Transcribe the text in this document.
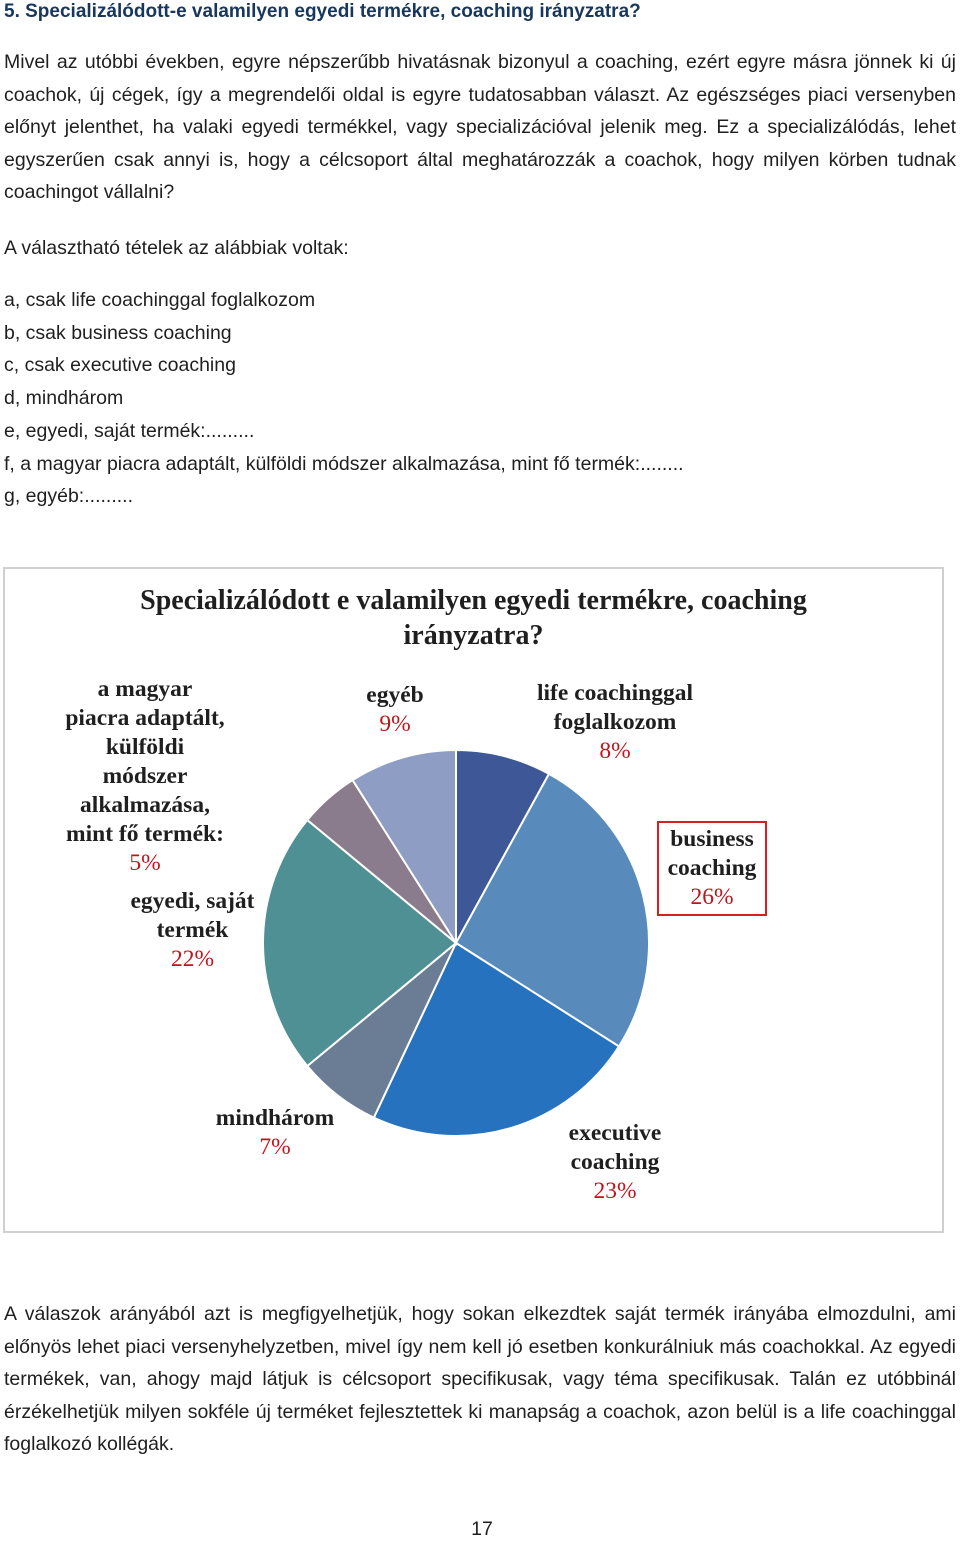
5. Specializálódott-e valamilyen egyedi termékre, coaching irányzatra?

Mivel az utóbbi években, egyre népszerűbb hivatásnak bizonyul a coaching, ezért egyre másra jönnek ki új coachok, új cégek, így a megrendelői oldal is egyre tudatosabban választ. Az egészséges piaci versenyben előnyt jelenthet, ha valaki egyedi termékkel, vagy specializációval jelenik meg. Ez a specializálódás, lehet egyszerűen csak annyi is, hogy a célcsoport által meghatározzák a coachok, hogy milyen körben tudnak coachingot vállalni?

A választható tételek az alábbiak voltak:
a, csak life coachinggal foglalkozom
b, csak business coaching
c, csak executive coaching
d, mindhárom
e, egyedi, saját termék:.........
f, a magyar piacra adaptált, külföldi módszer alkalmazása, mint fő termék:........
g, egyéb:.........
Specializálódott e valamilyen egyedi termékre, coaching
irányzatra?
life coachinggal
foglalkozom
8%
business
coaching
26%
executive
coaching
23%
mindhárom
7%
egyedi, saját
termék
22%
a magyar
piacra adaptált,
külföldi
módszer
alkalmazása,
mint fő termék:
5%
egyéb
9%

A válaszok arányából azt is megfigyelhetjük, hogy sokan elkezdtek saját termék irányába elmozdulni, ami előnyös lehet piaci versenyhelyzetben, mivel így nem kell jó esetben konkurálniuk más coachokkal. Az egyedi termékek, van, ahogy majd látjuk is célcsoport specifikusak, vagy téma specifikusak. Talán ez utóbbinál érzékelhetjük milyen sokféle új terméket fejlesztettek ki manapság a coachok, azon belül is a life coachinggal foglalkozó kollégák.

17
